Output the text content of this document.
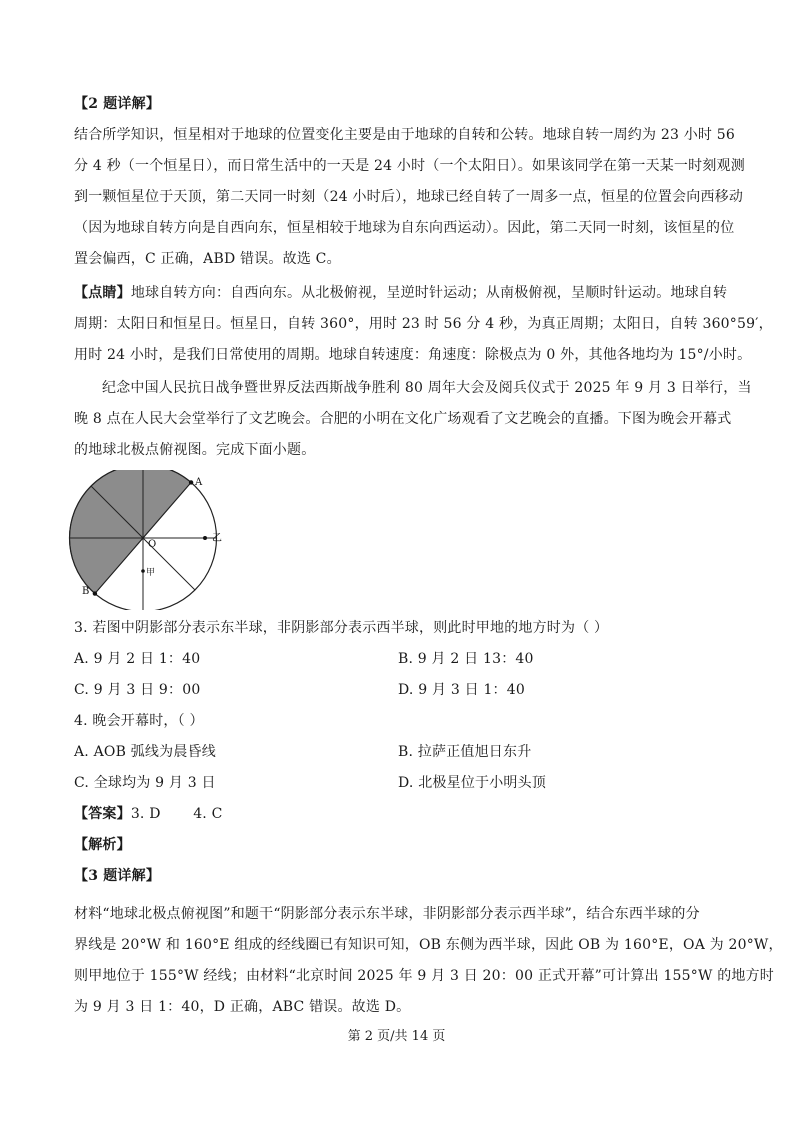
【2 题详解】
结合所学知识，恒星相对于地球的位置变化主要是由于地球的自转和公转。地球自转一周约为 23 小时 56
分 4 秒（一个恒星日），而日常生活中的一天是 24 小时（一个太阳日）。如果该同学在第一天某一时刻观测
到一颗恒星位于天顶，第二天同一时刻（24 小时后），地球已经自转了一周多一点，恒星的位置会向西移动
（因为地球自转方向是自西向东，恒星相较于地球为自东向西运动）。因此，第二天同一时刻，该恒星的位
置会偏西，C 正确，ABD 错误。故选 C。
【点睛】地球自转方向：自西向东。从北极俯视，呈逆时针运动；从南极俯视，呈顺时针运动。地球自转
周期：太阳日和恒星日。恒星日，自转 360°，用时 23 时 56 分 4 秒，为真正周期；太阳日，自转 360°59′，
用时 24 小时，是我们日常使用的周期。地球自转速度：角速度：除极点为 0 外，其他各地均为 15°/小时。
纪念中国人民抗日战争暨世界反法西斯战争胜利 80 周年大会及阅兵仪式于 2025 年 9 月 3 日举行，当
晚 8 点在人民大会堂举行了文艺晚会。合肥的小明在文化广场观看了文艺晚会的直播。下图为晚会开幕式
的地球北极点俯视图。完成下面小题。
A
B
O
乙
甲
3. 若图中阴影部分表示东半球，非阴影部分表示西半球，则此时甲地的地方时为（ ）
A. 9 月 2 日 1：40	B. 9 月 2 日 13：40
C. 9 月 3 日 9：00	D. 9 月 3 日 1：40
4. 晚会开幕时，（ ）
A. AOB 弧线为晨昏线	B. 拉萨正值旭日东升
C. 全球均为 9 月 3 日	D. 北极星位于小明头顶
【答案】3. D       4. C
【解析】
【3 题详解】
材料“地球北极点俯视图”和题干“阴影部分表示东半球，非阴影部分表示西半球”，结合东西半球的分
界线是 20°W 和 160°E 组成的经线圈已有知识可知，OB 东侧为西半球，因此 OB 为 160°E，OA 为 20°W，
则甲地位于 155°W 经线；由材料“北京时间 2025 年 9 月 3 日 20：00 正式开幕”可计算出 155°W 的地方时
为 9 月 3 日 1：40，D 正确，ABC 错误。故选 D。
第 2 页/共 14 页
